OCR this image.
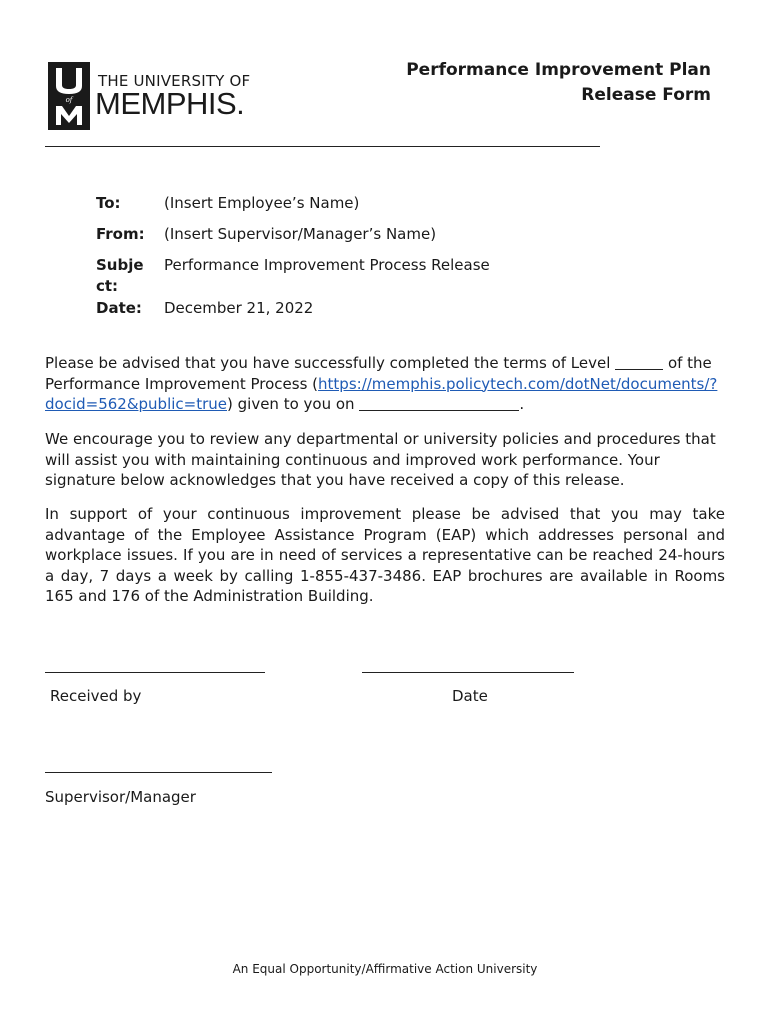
of
THE UNIVERSITY OF
MEMPHIS.
Performance Improvement Plan
Release Form
To:	(Insert Employee’s Name)
From: (Insert Supervisor/Manager’s Name)
Subject:
Performance Improvement Process Release
Date: December 21, 2022
Please be advised that you have successfully completed the terms of Level	of the Performance Improvement Process (https://memphis.policytech.com/dotNet/documents/?docid=562&public=true) given to you on	.
We encourage you to review any departmental or university policies and procedures that will assist you with maintaining continuous and improved work performance. Your signature below acknowledges that you have received a copy of this release.
In support of your continuous improvement please be advised that you may take advantage of the Employee Assistance Program (EAP) which addresses personal and workplace issues. If you are in need of services a representative can be reached 24-hours a day, 7 days a week by calling 1-855-437-3486. EAP brochures are available in Rooms 165 and 176 of the Administration Building.
Received by	Date
Supervisor/Manager
An Equal Opportunity/Affirmative Action University
